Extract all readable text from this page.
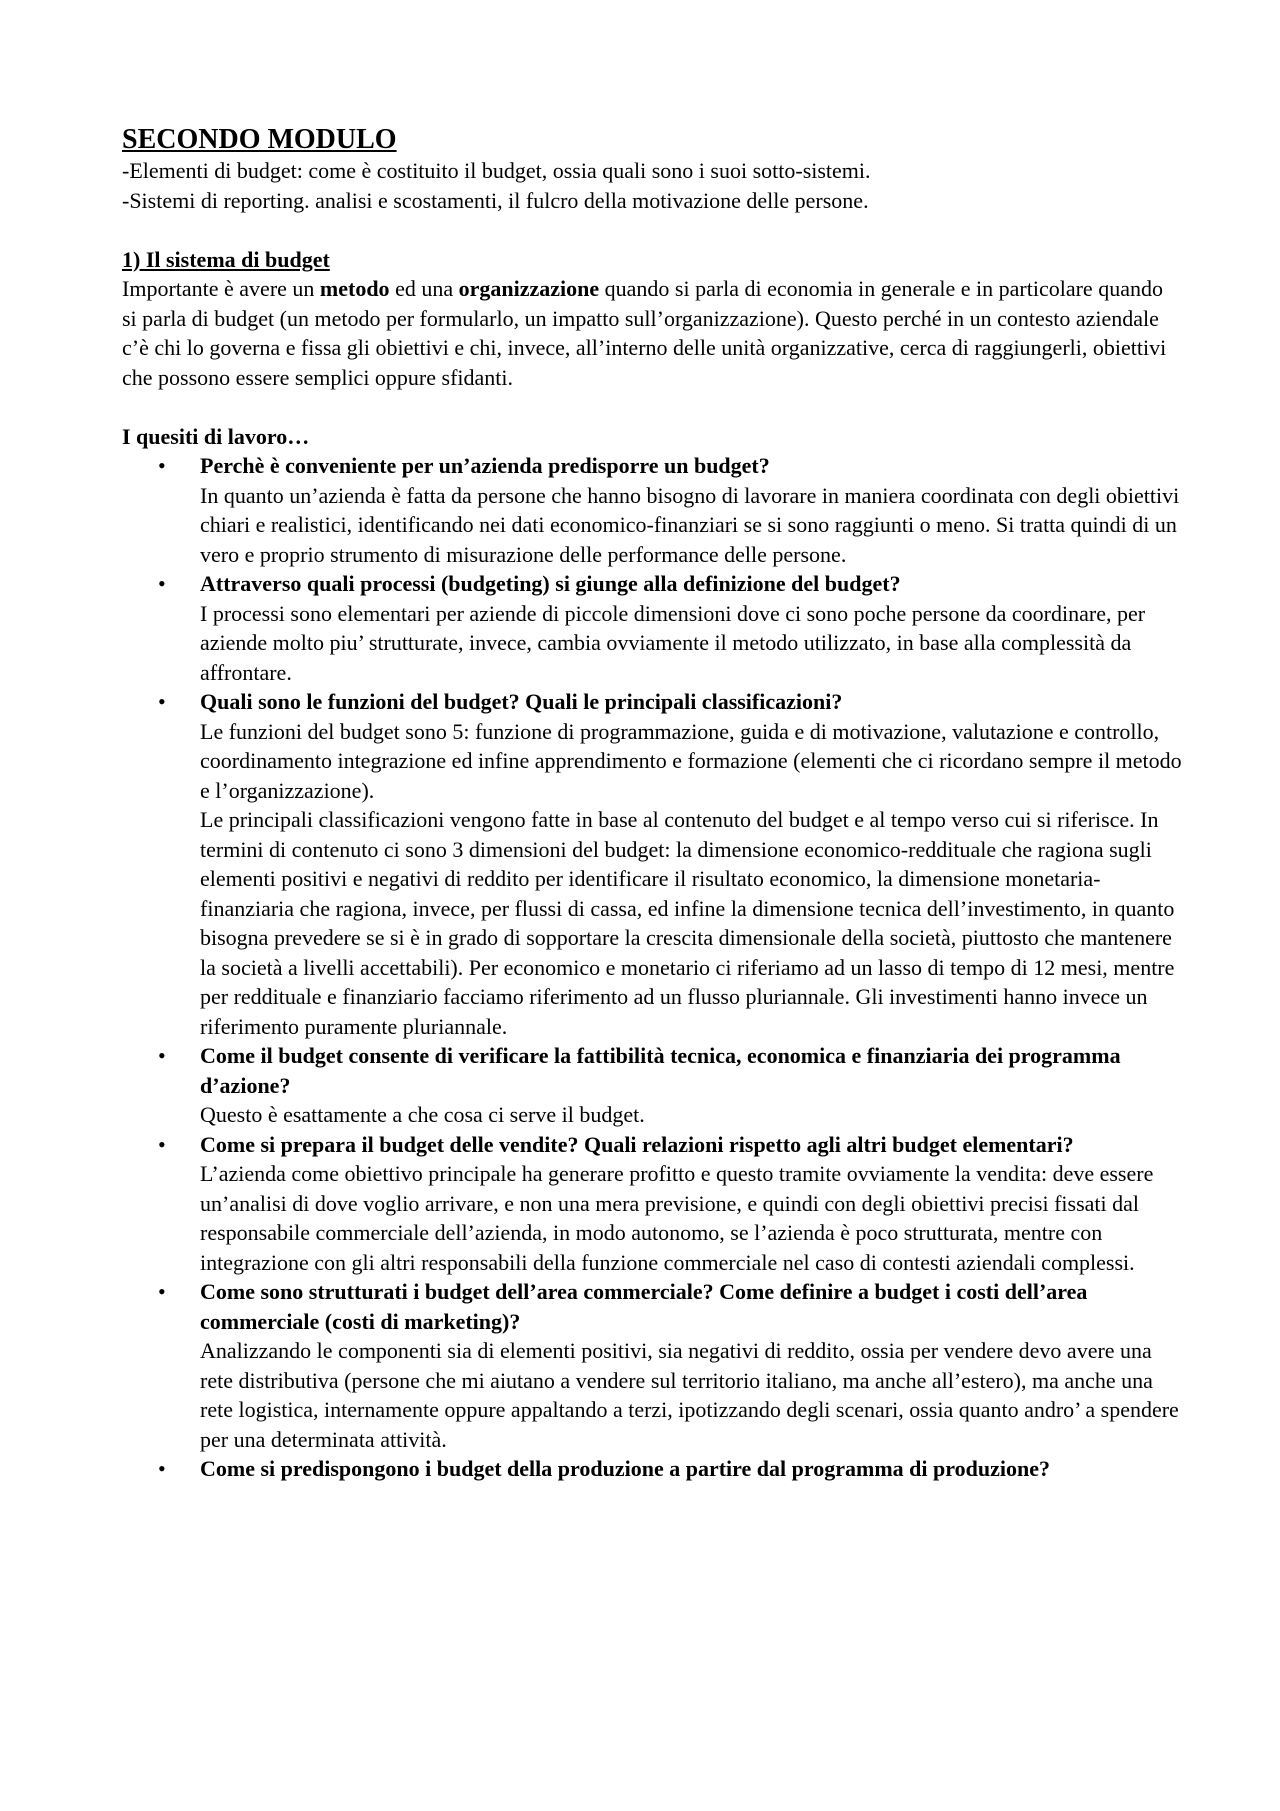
SECONDO MODULO

-Elementi di budget: come è costituito il budget, ossia quali sono i suoi sotto-sistemi.

-Sistemi di reporting. analisi e scostamenti, il fulcro della motivazione delle persone.

1) Il sistema di budget

Importante è avere un metodo ed una organizzazione quando si parla di economia in generale e in particolare quando si parla di budget (un metodo per formularlo, un impatto sull’organizzazione). Questo perché in un contesto aziendale c’è chi lo governa e fissa gli obiettivi e chi, invece, all’interno delle unità organizzative, cerca di raggiungerli, obiettivi che possono essere semplici oppure sfidanti.

I quesiti di lavoro…

• Perchè è conveniente per un’azienda predisporre un budget?
In quanto un’azienda è fatta da persone che hanno bisogno di lavorare in maniera coordinata con degli obiettivi chiari e realistici, identificando nei dati economico-finanziari se si sono raggiunti o meno. Si tratta quindi di un vero e proprio strumento di misurazione delle performance delle persone.
• Attraverso quali processi (budgeting) si giunge alla definizione del budget?
I processi sono elementari per aziende di piccole dimensioni dove ci sono poche persone da coordinare, per aziende molto piu’ strutturate, invece, cambia ovviamente il metodo utilizzato, in base alla complessità da affrontare.
• Quali sono le funzioni del budget? Quali le principali classificazioni?
Le funzioni del budget sono 5: funzione di programmazione, guida e di motivazione, valutazione e controllo, coordinamento integrazione ed infine apprendimento e formazione (elementi che ci ricordano sempre il metodo e l’organizzazione).
Le principali classificazioni vengono fatte in base al contenuto del budget e al tempo verso cui si riferisce. In termini di contenuto ci sono 3 dimensioni del budget: la dimensione economico-reddituale che ragiona sugli elementi positivi e negativi di reddito per identificare il risultato economico, la dimensione monetaria-finanziaria che ragiona, invece, per flussi di cassa, ed infine la dimensione tecnica dell’investimento, in quanto bisogna prevedere se si è in grado di sopportare la crescita dimensionale della società, piuttosto che mantenere la società a livelli accettabili). Per economico e monetario ci riferiamo ad un lasso di tempo di 12 mesi, mentre per reddituale e finanziario facciamo riferimento ad un flusso pluriannale. Gli investimenti hanno invece un riferimento puramente pluriannale.
• Come il budget consente di verificare la fattibilità tecnica, economica e finanziaria dei programma d’azione?
Questo è esattamente a che cosa ci serve il budget.
• Come si prepara il budget delle vendite? Quali relazioni rispetto agli altri budget elementari?
L’azienda come obiettivo principale ha generare profitto e questo tramite ovviamente la vendita: deve essere un’analisi di dove voglio arrivare, e non una mera previsione, e quindi con degli obiettivi precisi fissati dal responsabile commerciale dell’azienda, in modo autonomo, se l’azienda è poco strutturata, mentre con integrazione con gli altri responsabili della funzione commerciale nel caso di contesti aziendali complessi.
• Come sono strutturati i budget dell’area commerciale? Come definire a budget i costi dell’area commerciale (costi di marketing)?
Analizzando le componenti sia di elementi positivi, sia negativi di reddito, ossia per vendere devo avere una rete distributiva (persone che mi aiutano a vendere sul territorio italiano, ma anche all’estero), ma anche una rete logistica, internamente oppure appaltando a terzi, ipotizzando degli scenari, ossia quanto andro’ a spendere per una determinata attività.
• Come si predispongono i budget della produzione a partire dal programma di produzione?
